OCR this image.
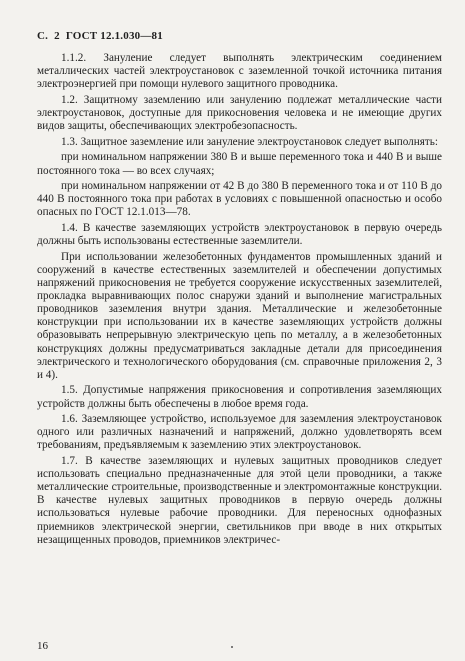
С. 2 ГОСТ 12.1.030—81

1.1.2. Зануление следует выполнять электрическим соединением металлических частей электроустановок с заземленной точкой источника питания электроэнергией при помощи нулевого защитного проводника.

1.2. Защитному заземлению или занулению подлежат металлические части электроустановок, доступные для прикосновения человека и не имеющие других видов защиты, обеспечивающих электробезопасность.

1.3. Защитное заземление или зануление электроустановок следует выполнять:

при номинальном напряжении 380 В и выше переменного тока и 440 В и выше постоянного тока — во всех случаях;

при номинальном напряжении от 42 В до 380 В переменного тока и от 110 В до 440 В постоянного тока при работах в условиях с повышенной опасностью и особо опасных по ГОСТ 12.1.013—78.

1.4. В качестве заземляющих устройств электроустановок в первую очередь должны быть использованы естественные заземлители.

При использовании железобетонных фундаментов промышленных зданий и сооружений в качестве естественных заземлителей и обеспечении допустимых напряжений прикосновения не требуется сооружение искусственных заземлителей, прокладка выравнивающих полос снаружи зданий и выполнение магистральных проводников заземления внутри здания. Металлические и железобетонные конструкции при использовании их в качестве заземляющих устройств должны образовывать непрерывную электрическую цепь по металлу, а в железобетонных конструкциях должны предусматриваться закладные детали для присоединения электрического и технологического оборудования (см. справочные приложения 2, 3 и 4).

1.5. Допустимые напряжения прикосновения и сопротивления заземляющих устройств должны быть обеспечены в любое время года.

1.6. Заземляющее устройство, используемое для заземления электроустановок одного или различных назначений и напряжений, должно удовлетворять всем требованиям, предъявляемым к заземлению этих электроустановок.

1.7. В качестве заземляющих и нулевых защитных проводников следует использовать специально предназначенные для этой цели проводники, а также металлические строительные, производственные и электромонтажные конструкции. В качестве нулевых защитных проводников в первую очередь должны использоваться нулевые рабочие проводники. Для переносных однофазных приемников электрической энергии, светильников при вводе в них открытых незащищенных проводов, приемников электричес-

16
